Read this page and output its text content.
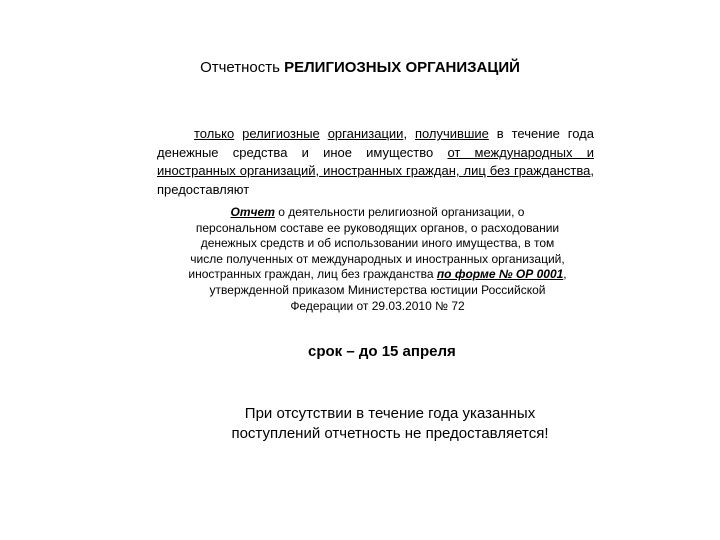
Отчетность РЕЛИГИОЗНЫХ ОРГАНИЗАЦИЙ
только религиозные организации, получившие в течение года денежные средства и иное имущество от международных и иностранных организаций, иностранных граждан, лиц без гражданства, предоставляют
Отчет о деятельности религиозной организации, о
персональном составе ее руководящих органов, о расходовании
денежных средств и об использовании иного имущества, в том
числе полученных от международных и иностранных организаций,
иностранных граждан, лиц без гражданства по форме № ОР 0001,
утвержденной приказом Министерства юстиции Российской
Федерации от 29.03.2010 № 72
срок – до 15 апреля
При отсутствии в течение года указанных
поступлений отчетность не предоставляется!
